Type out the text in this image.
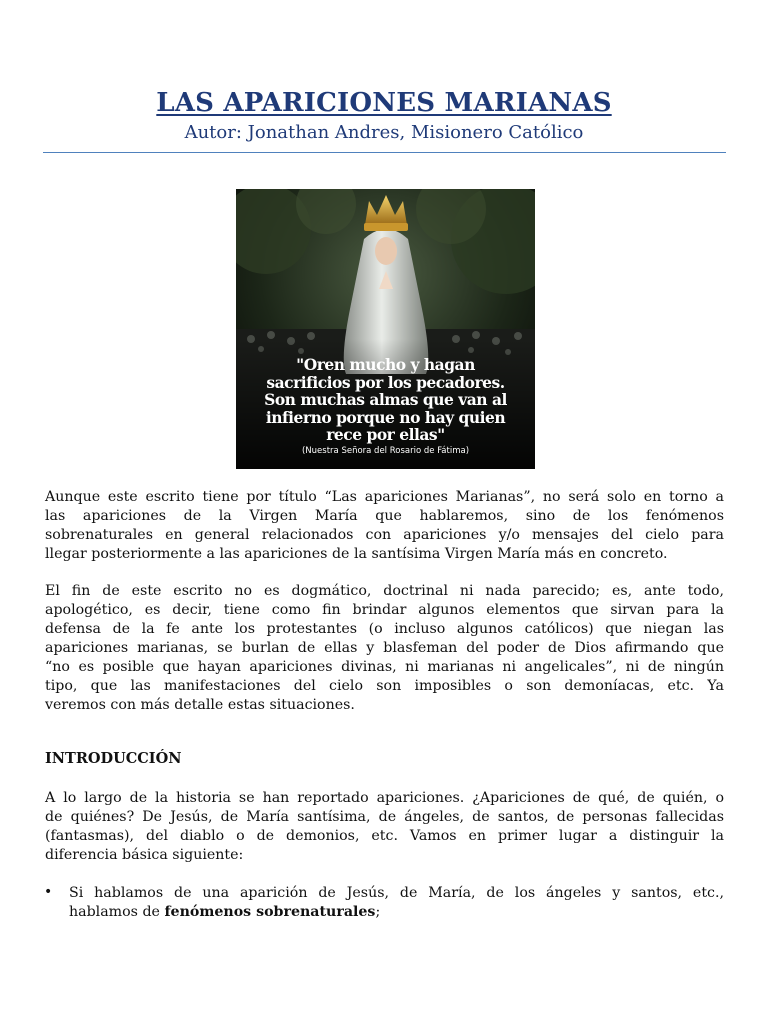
LAS APARICIONES MARIANAS
Autor: Jonathan Andres, Misionero Católico
"Oren mucho y hagan
sacrificios por los pecadores.
Son muchas almas que van al
infierno porque no hay quien
rece por ellas"
(Nuestra Señora del Rosario de Fátima)
Aunque este escrito tiene por título “Las apariciones Marianas”, no será solo en torno a
las apariciones de la Virgen María que hablaremos, sino de los fenómenos
sobrenaturales en general relacionados con apariciones y/o mensajes del cielo para
llegar posteriormente a las apariciones de la santísima Virgen María más en concreto.
El fin de este escrito no es dogmático, doctrinal ni nada parecido; es, ante todo,
apologético, es decir, tiene como fin brindar algunos elementos que sirvan para la
defensa de la fe ante los protestantes (o incluso algunos católicos) que niegan las
apariciones marianas, se burlan de ellas y blasfeman del poder de Dios afirmando que
“no es posible que hayan apariciones divinas, ni marianas ni angelicales”, ni de ningún
tipo, que las manifestaciones del cielo son imposibles o son demoníacas, etc. Ya
veremos con más detalle estas situaciones.
INTRODUCCIÓN
A lo largo de la historia se han reportado apariciones. ¿Apariciones de qué, de quién, o
de quiénes? De Jesús, de María santísima, de ángeles, de santos, de personas fallecidas
(fantasmas), del diablo o de demonios, etc. Vamos en primer lugar a distinguir la
diferencia básica siguiente:
• Si hablamos de una aparición de Jesús, de María, de los ángeles y santos, etc.,
hablamos de fenómenos sobrenaturales;
